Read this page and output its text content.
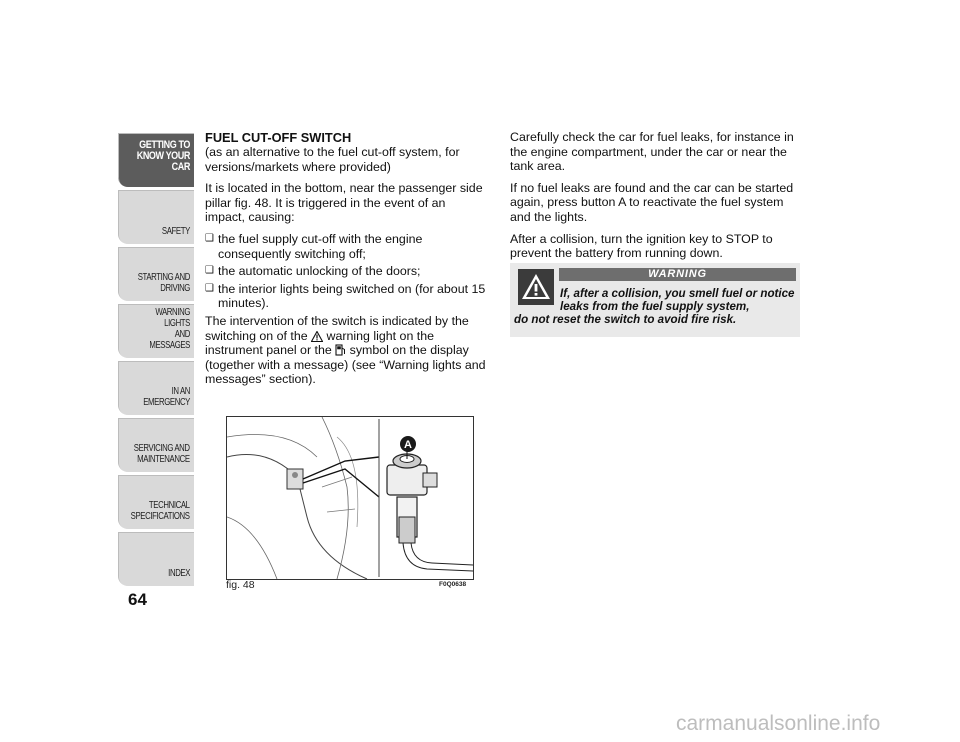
GETTING TO
KNOW YOUR CAR
SAFETY
STARTING AND
DRIVING
WARNING LIGHTS
AND MESSAGES
IN AN EMERGENCY
SERVICING AND
MAINTENANCE
TECHNICAL
SPECIFICATIONS
INDEX
64
FUEL CUT-OFF SWITCH

(as an alternative to the fuel cut-off system, for versions/markets where provided)

It is located in the bottom, near the passenger side pillar fig. 48. It is triggered in the event of an impact, causing:

❑ the fuel supply cut-off with the engine consequently switching off;
❑ the automatic unlocking of the doors;
❑ the interior lights being switched on (for about 15 minutes).

The intervention of the switch is indicated by the switching on of the warning light on the instrument panel or the symbol on the display (together with a message) (see “Warning lights and messages” section).

Carefully check the car for fuel leaks, for instance in the engine compartment, under the car or near the tank area.

If no fuel leaks are found and the car can be started again, press button A to reactivate the fuel system and the lights.

After a collision, turn the ignition key to STOP to prevent the battery from running down.

WARNING
If, after a collision, you smell fuel or notice leaks from the fuel supply system,
do not reset the switch to avoid fire risk.
A
fig. 48	F0Q0638
carmanualsonline.info
